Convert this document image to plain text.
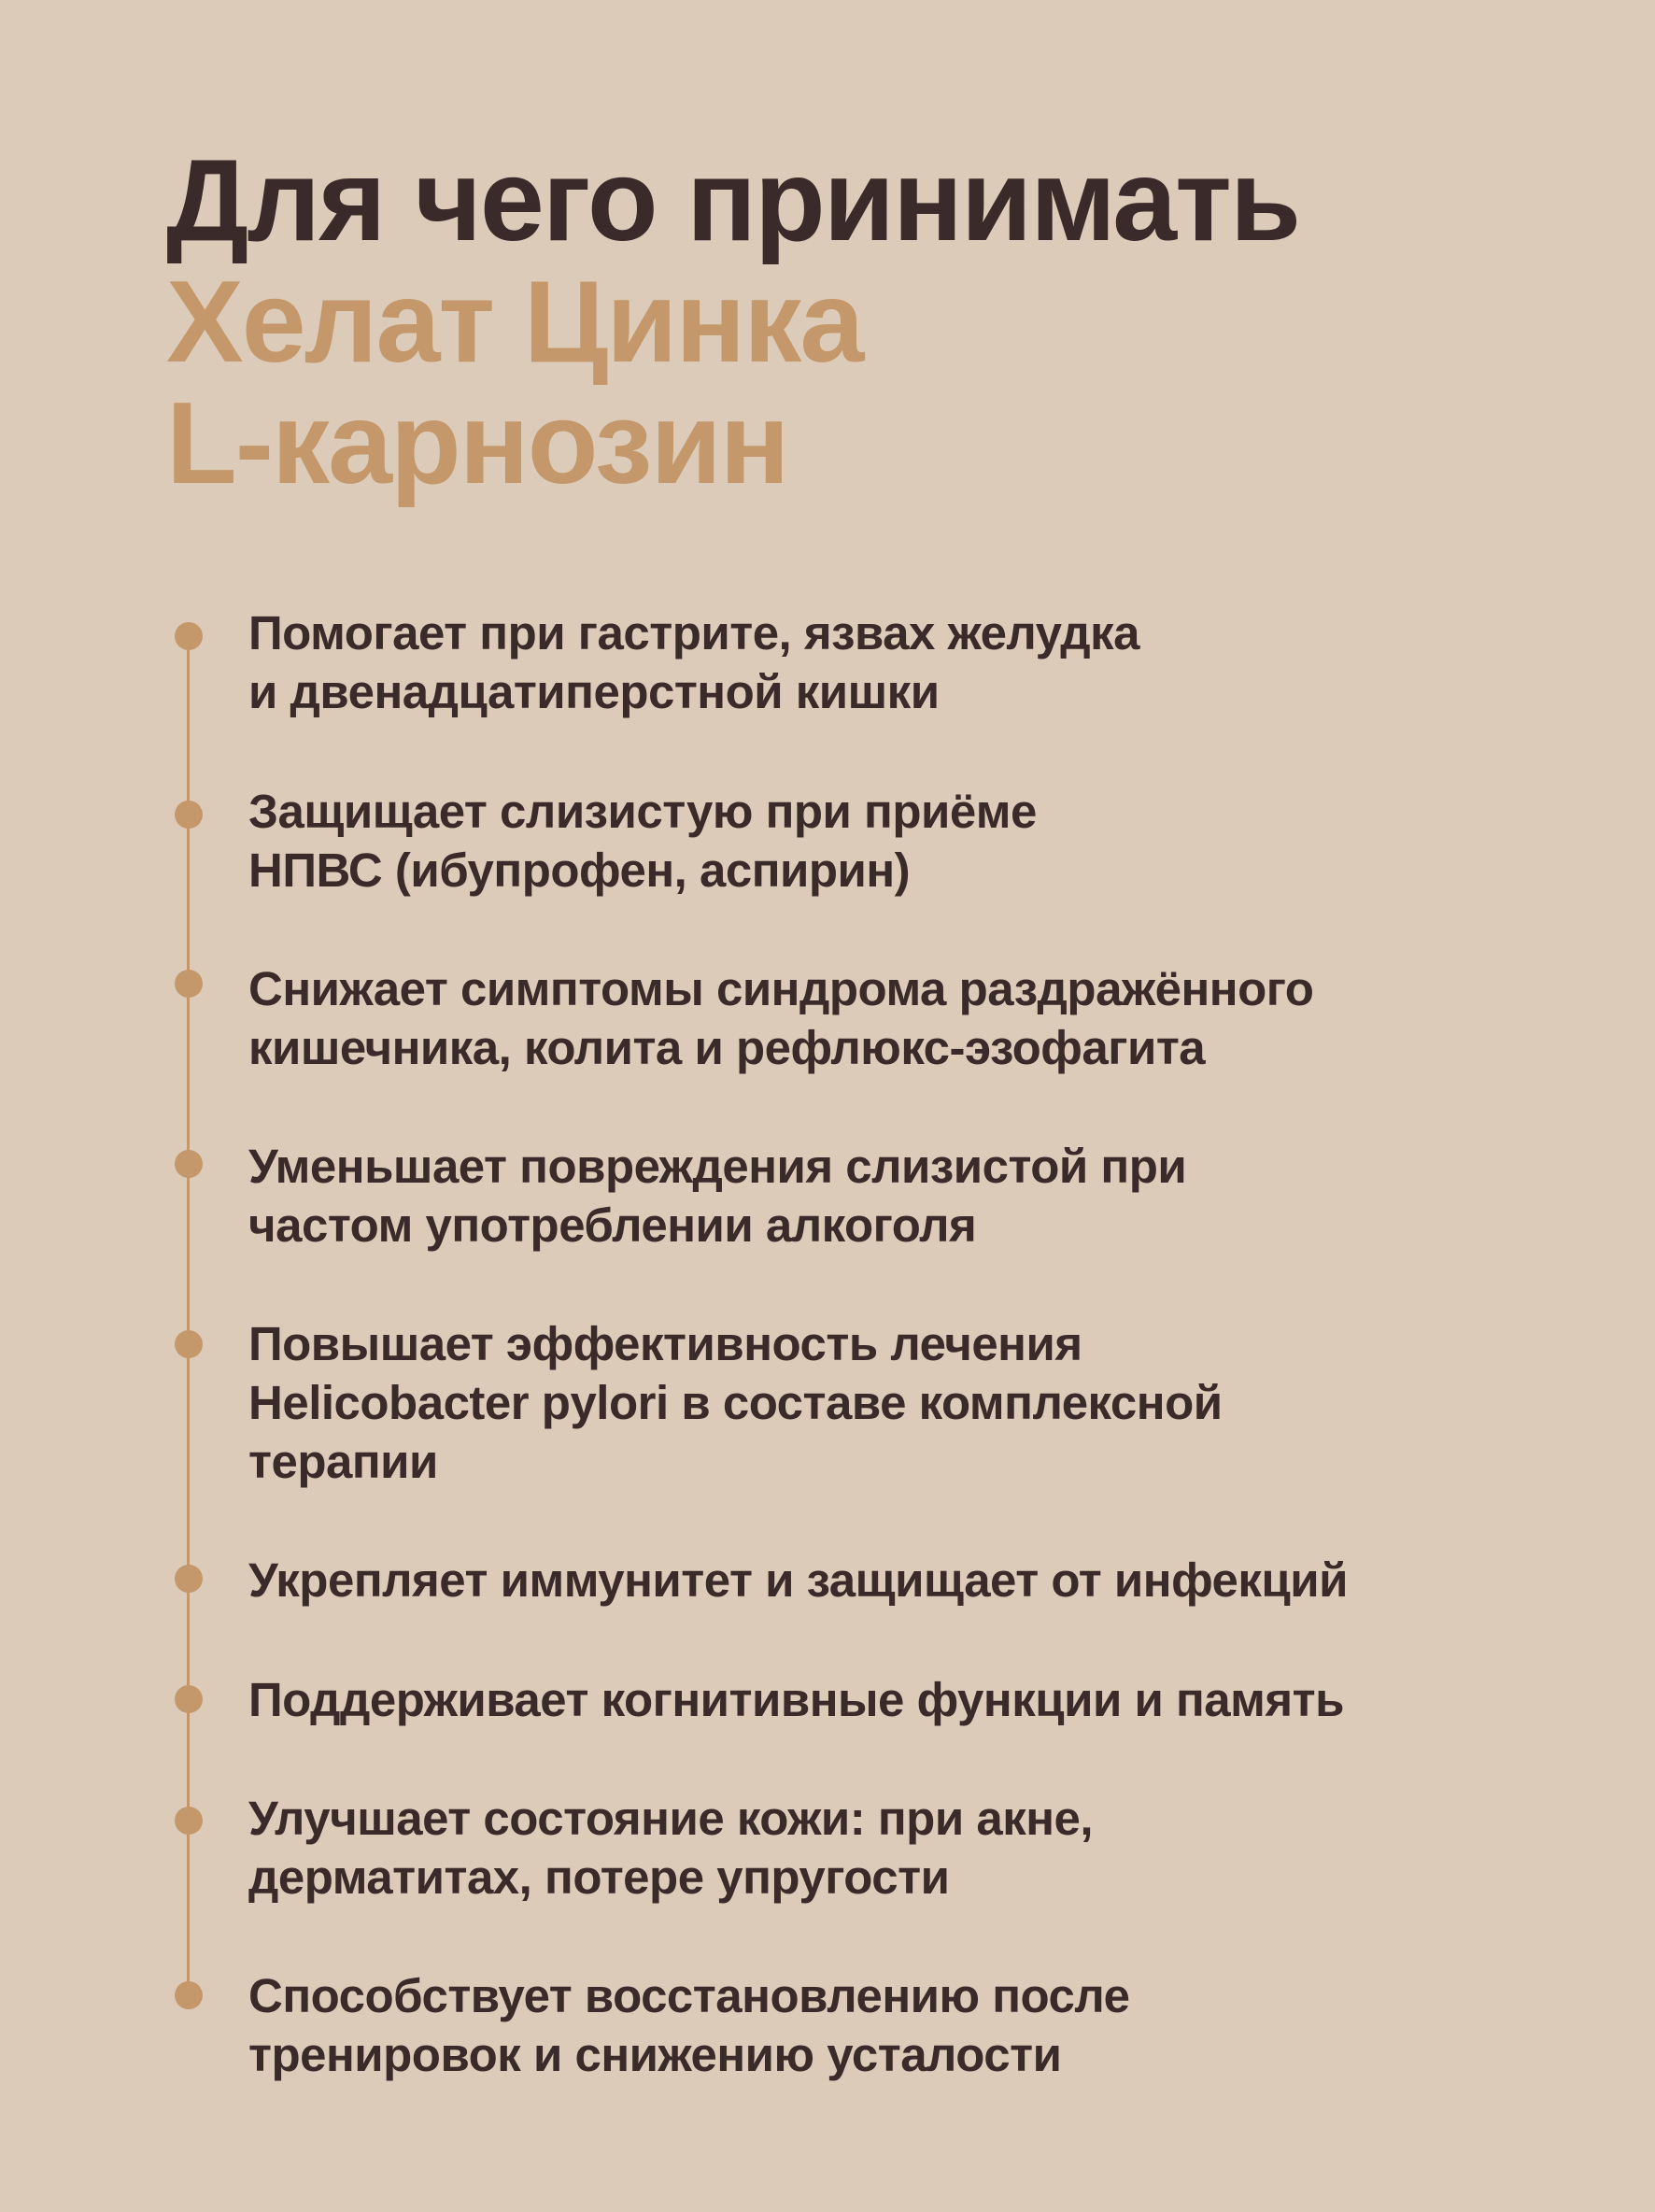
Для чего принимать
Хелат Цинка
L-карнозин
Помогает при гастрите, язвах желудка
и двенадцатиперстной кишки
Защищает слизистую при приёме
НПВС (ибупрофен, аспирин)
Снижает симптомы синдрома раздражённого
кишечника, колита и рефлюкс-эзофагита
Уменьшает повреждения слизистой при
частом употреблении алкоголя
Повышает эффективность лечения
Helicobacter pylori в составе комплексной
терапии
Укрепляет иммунитет и защищает от инфекций
Поддерживает когнитивные функции и память
Улучшает состояние кожи: при акне,
дерматитах, потере упругости
Способствует восстановлению после
тренировок и снижению усталости
